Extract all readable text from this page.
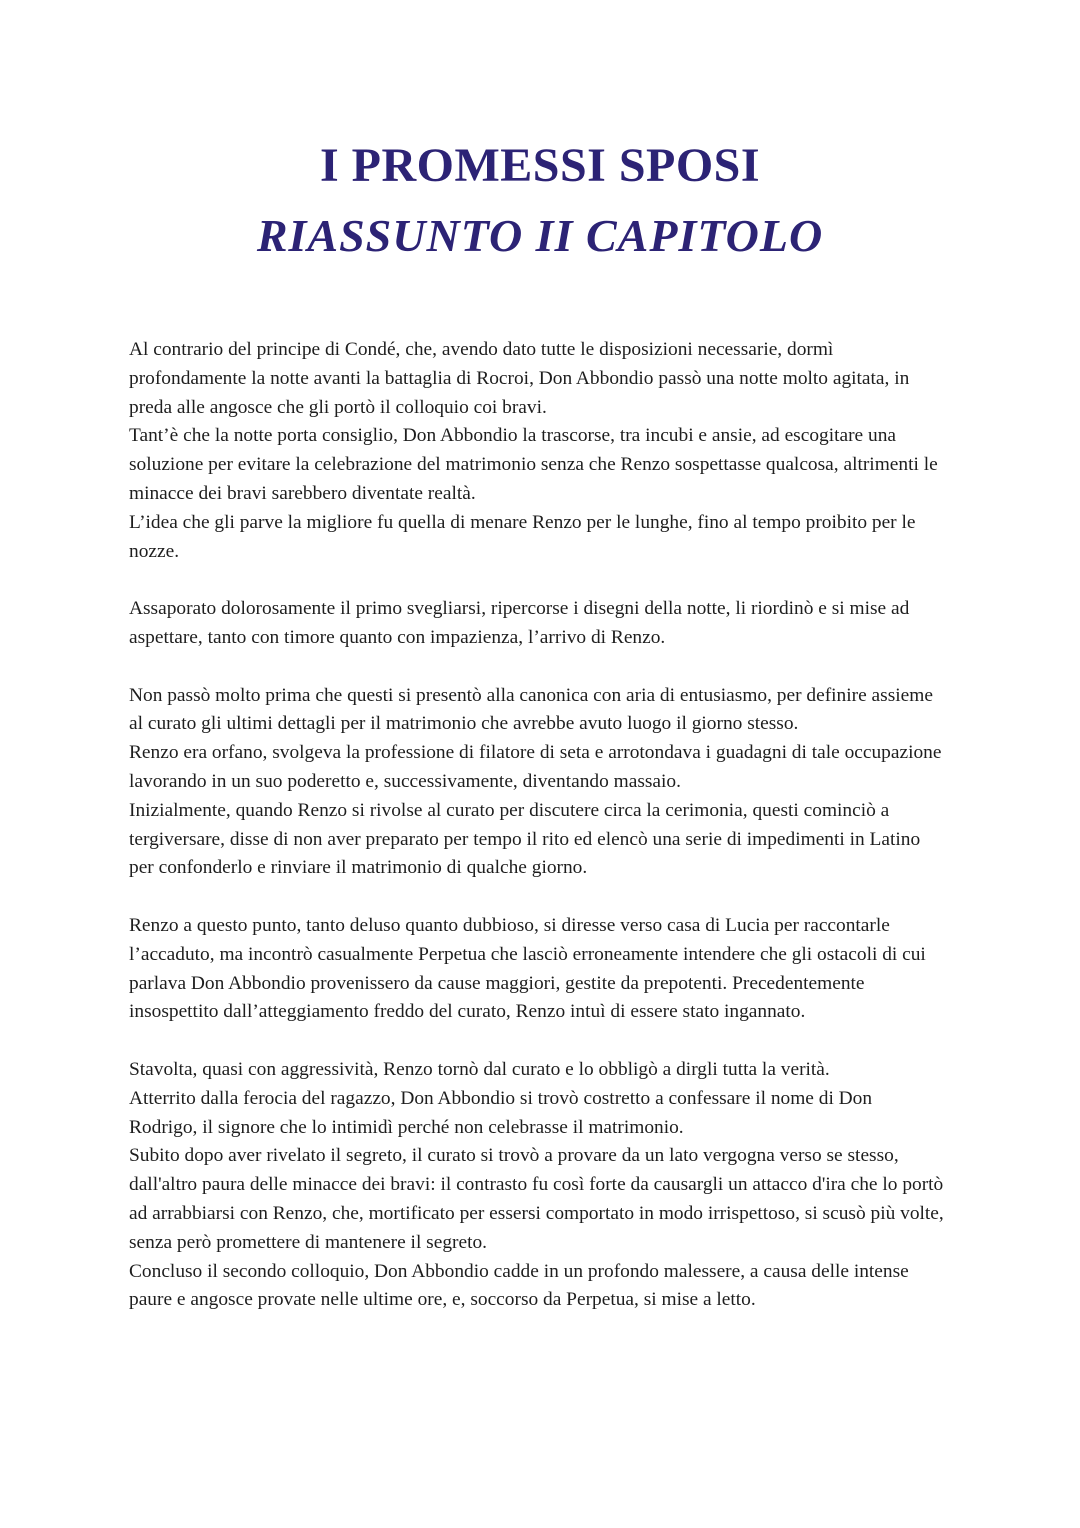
I PROMESSI SPOSI
RIASSUNTO II CAPITOLO

Al contrario del principe di Condé, che, avendo dato tutte le disposizioni necessarie, dormì profondamente la notte avanti la battaglia di Rocroi, Don Abbondio passò una notte molto agitata, in preda alle angosce che gli portò il colloquio coi bravi.
Tant’è che la notte porta consiglio, Don Abbondio la trascorse, tra incubi e ansie, ad escogitare una soluzione per evitare la celebrazione del matrimonio senza che Renzo sospettasse qualcosa, altrimenti le minacce dei bravi sarebbero diventate realtà.
L’idea che gli parve la migliore fu quella di menare Renzo per le lunghe, fino al tempo proibito per le nozze.

Assaporato dolorosamente il primo svegliarsi, ripercorse i disegni della notte, li riordinò e si mise ad aspettare, tanto con timore quanto con impazienza, l’arrivo di Renzo.

Non passò molto prima che questi si presentò alla canonica con aria di entusiasmo, per definire assieme al curato gli ultimi dettagli per il matrimonio che avrebbe avuto luogo il giorno stesso.
Renzo era orfano, svolgeva la professione di filatore di seta e arrotondava i guadagni di tale occupazione lavorando in un suo poderetto e, successivamente, diventando massaio.
Inizialmente, quando Renzo si rivolse al curato per discutere circa la cerimonia, questi cominciò a tergiversare, disse di non aver preparato per tempo il rito ed elencò una serie di impedimenti in Latino per confonderlo e rinviare il matrimonio di qualche giorno.

Renzo a questo punto, tanto deluso quanto dubbioso, si diresse verso casa di Lucia per raccontarle l’accaduto, ma incontrò casualmente Perpetua che lasciò erroneamente intendere che gli ostacoli di cui parlava Don Abbondio provenissero da cause maggiori, gestite da prepotenti. Precedentemente insospettito dall’atteggiamento freddo del curato, Renzo intuì di essere stato ingannato.

Stavolta, quasi con aggressività, Renzo tornò dal curato e lo obbligò a dirgli tutta la verità.
Atterrito dalla ferocia del ragazzo, Don Abbondio si trovò costretto a confessare il nome di Don Rodrigo, il signore che lo intimidì perché non celebrasse il matrimonio.
Subito dopo aver rivelato il segreto, il curato si trovò a provare da un lato vergogna verso se stesso, dall'altro paura delle minacce dei bravi: il contrasto fu così forte da causargli un attacco d'ira che lo portò ad arrabbiarsi con Renzo, che, mortificato per essersi comportato in modo irrispettoso, si scusò più volte, senza però promettere di mantenere il segreto.
Concluso il secondo colloquio, Don Abbondio cadde in un profondo malessere, a causa delle intense paure e angosce provate nelle ultime ore, e, soccorso da Perpetua, si mise a letto.
